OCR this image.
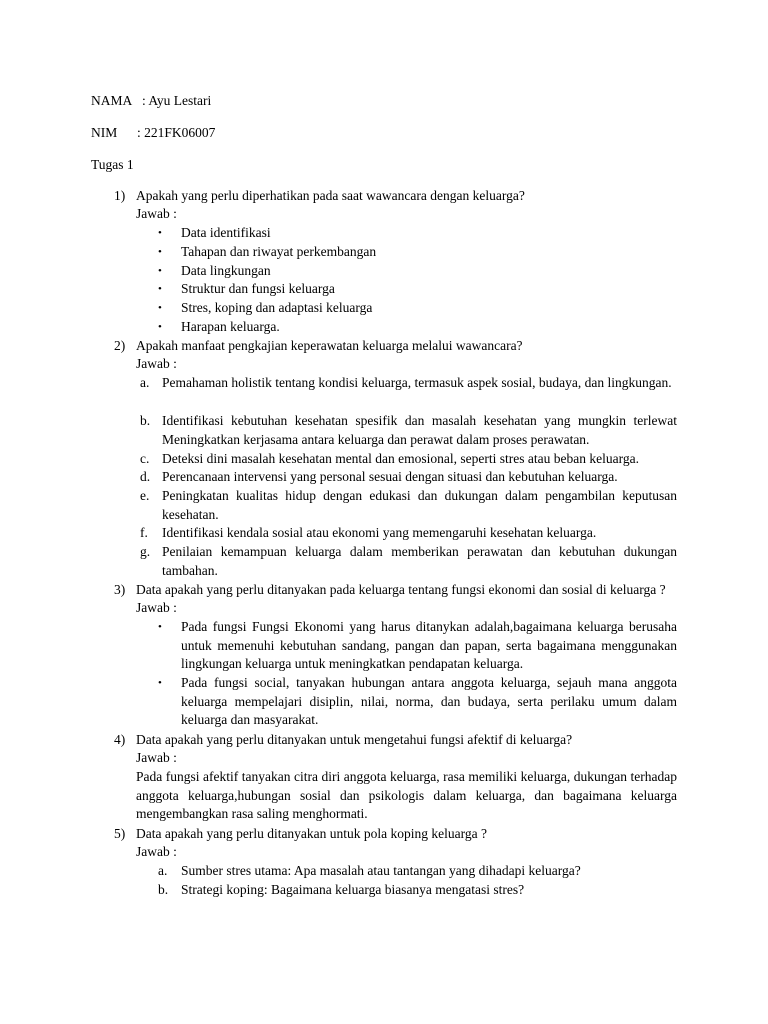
NAMA : Ayu Lestari
NIM : 221FK06007
Tugas 1
1) Apakah yang perlu diperhatikan pada saat wawancara dengan keluarga?
Jawab :
• Data identifikasi
• Tahapan dan riwayat perkembangan
• Data lingkungan
• Struktur dan fungsi keluarga
• Stres, koping dan adaptasi keluarga
• Harapan keluarga.
2) Apakah manfaat pengkajian keperawatan keluarga melalui wawancara?
Jawab :
a. Pemahaman holistik tentang kondisi keluarga, termasuk aspek sosial, budaya, dan lingkungan.
b. Identifikasi kebutuhan kesehatan spesifik dan masalah kesehatan yang mungkin terlewat Meningkatkan kerjasama antara keluarga dan perawat dalam proses perawatan.
c. Deteksi dini masalah kesehatan mental dan emosional, seperti stres atau beban keluarga.
d. Perencanaan intervensi yang personal sesuai dengan situasi dan kebutuhan keluarga.
e. Peningkatan kualitas hidup dengan edukasi dan dukungan dalam pengambilan keputusan kesehatan.
f. Identifikasi kendala sosial atau ekonomi yang memengaruhi kesehatan keluarga.
g. Penilaian kemampuan keluarga dalam memberikan perawatan dan kebutuhan dukungan tambahan.
3) Data apakah yang perlu ditanyakan pada keluarga tentang fungsi ekonomi dan sosial di keluarga ?
Jawab :
• Pada fungsi Fungsi Ekonomi yang harus ditanykan adalah,bagaimana keluarga berusaha untuk memenuhi kebutuhan sandang, pangan dan papan, serta bagaimana menggunakan lingkungan keluarga untuk meningkatkan pendapatan keluarga.
• Pada fungsi social, tanyakan hubungan antara anggota keluarga, sejauh mana anggota keluarga mempelajari disiplin, nilai, norma, dan budaya, serta perilaku umum dalam keluarga dan masyarakat.
4) Data apakah yang perlu ditanyakan untuk mengetahui fungsi afektif di keluarga?
Jawab :
Pada fungsi afektif tanyakan citra diri anggota keluarga, rasa memiliki keluarga, dukungan terhadap anggota keluarga,hubungan sosial dan psikologis dalam keluarga, dan bagaimana keluarga mengembangkan rasa saling menghormati.
5) Data apakah yang perlu ditanyakan untuk pola koping keluarga ?
Jawab :
a. Sumber stres utama: Apa masalah atau tantangan yang dihadapi keluarga?
b. Strategi koping: Bagaimana keluarga biasanya mengatasi stres?
